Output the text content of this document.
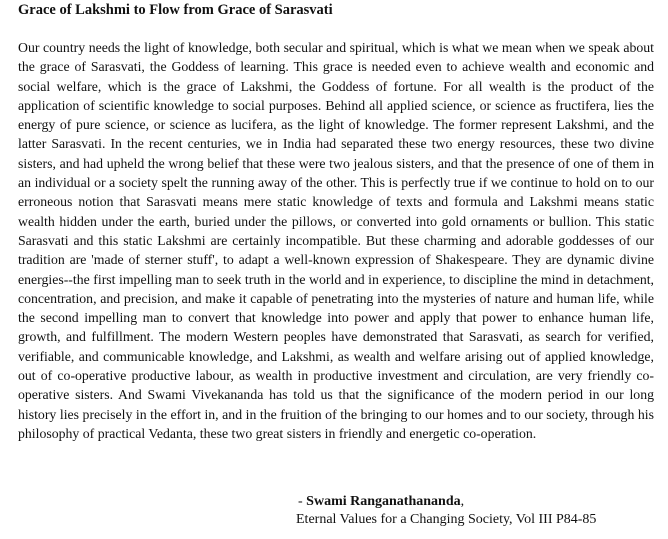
Grace of Lakshmi to Flow from Grace of Sarasvati
Our country needs the light of knowledge, both secular and spiritual, which is what we mean when we speak about the grace of Sarasvati, the Goddess of learning. This grace is needed even to achieve wealth and economic and social welfare, which is the grace of Lakshmi, the Goddess of fortune. For all wealth is the product of the application of scientific knowledge to social purposes. Behind all applied science, or science as fructifera, lies the energy of pure science, or science as lucifera, as the light of knowledge. The former represent Lakshmi, and the latter Sarasvati. In the recent centuries, we in India had separated these two energy resources, these two divine sisters, and had upheld the wrong belief that these were two jealous sisters, and that the presence of one of them in an individual or a society spelt the running away of the other. This is perfectly true if we continue to hold on to our erroneous notion that Sarasvati means mere static knowledge of texts and formula and Lakshmi means static wealth hidden under the earth, buried under the pillows, or converted into gold ornaments or bullion. This static Sarasvati and this static Lakshmi are certainly incompatible. But these charming and adorable goddesses of our tradition are 'made of sterner stuff', to adapt a well-known expression of Shakespeare. They are dynamic divine energies--the first impelling man to seek truth in the world and in experience, to discipline the mind in detachment, concentration, and precision, and make it capable of penetrating into the mysteries of nature and human life, while the second impelling man to convert that knowledge into power and apply that power to enhance human life, growth, and fulfillment. The modern Western peoples have demonstrated that Sarasvati, as search for verified, verifiable, and communicable knowledge, and Lakshmi, as wealth and welfare arising out of applied knowledge, out of co-operative productive labour, as wealth in productive investment and circulation, are very friendly co-operative sisters. And Swami Vivekananda has told us that the significance of the modern period in our long history lies precisely in the effort in, and in the fruition of the bringing to our homes and to our society, through his philosophy of practical Vedanta, these two great sisters in friendly and energetic co-operation.
- Swami Ranganathananda,
Eternal Values for a Changing Society, Vol III P84-85
